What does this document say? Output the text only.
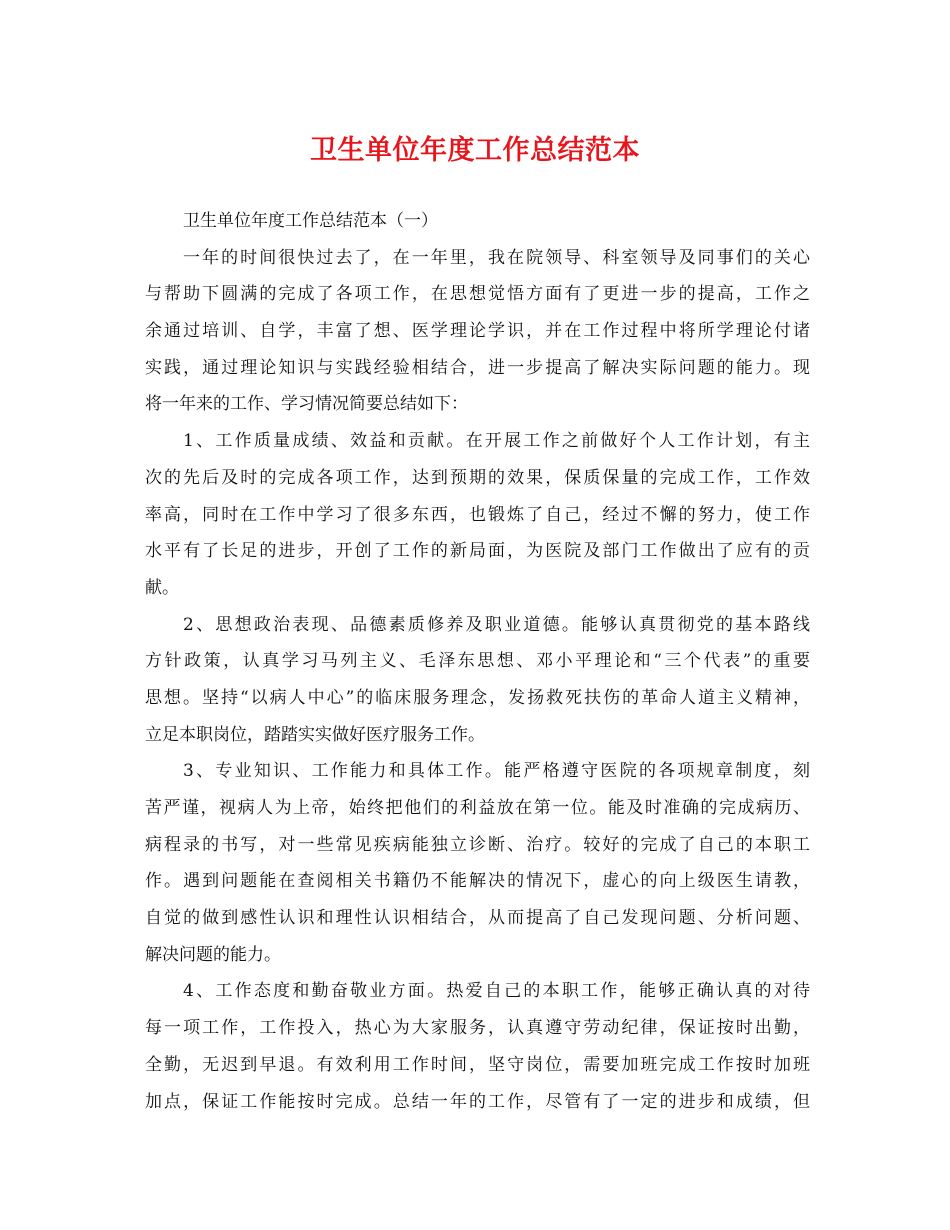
卫生单位年度工作总结范本
卫生单位年度工作总结范本（一）
一年的时间很快过去了，在一年里，我在院领导、科室领导及同事们的关心
与帮助下圆满的完成了各项工作，在思想觉悟方面有了更进一步的提高，工作之
余通过培训、自学，丰富了想、医学理论学识，并在工作过程中将所学理论付诸
实践，通过理论知识与实践经验相结合，进一步提高了解决实际问题的能力。现
将一年来的工作、学习情况简要总结如下：
1、工作质量成绩、效益和贡献。在开展工作之前做好个人工作计划，有主
次的先后及时的完成各项工作，达到预期的效果，保质保量的完成工作，工作效
率高，同时在工作中学习了很多东西，也锻炼了自己，经过不懈的努力，使工作
水平有了长足的进步，开创了工作的新局面，为医院及部门工作做出了应有的贡
献。
2、思想政治表现、品德素质修养及职业道德。能够认真贯彻党的基本路线
方针政策，认真学习马列主义、毛泽东思想、邓小平理论和“三个代表”的重要
思想。坚持“以病人中心”的临床服务理念，发扬救死扶伤的革命人道主义精神，
立足本职岗位，踏踏实实做好医疗服务工作。
3、专业知识、工作能力和具体工作。能严格遵守医院的各项规章制度，刻
苦严谨，视病人为上帝，始终把他们的利益放在第一位。能及时准确的完成病历、
病程录的书写，对一些常见疾病能独立诊断、治疗。较好的完成了自己的本职工
作。遇到问题能在查阅相关书籍仍不能解决的情况下，虚心的向上级医生请教，
自觉的做到感性认识和理性认识相结合，从而提高了自己发现问题、分析问题、
解决问题的能力。
4、工作态度和勤奋敬业方面。热爱自己的本职工作，能够正确认真的对待
每一项工作，工作投入，热心为大家服务，认真遵守劳动纪律，保证按时出勤，
全勤，无迟到早退。有效利用工作时间，坚守岗位，需要加班完成工作按时加班
加点，保证工作能按时完成。总结一年的工作，尽管有了一定的进步和成绩，但
